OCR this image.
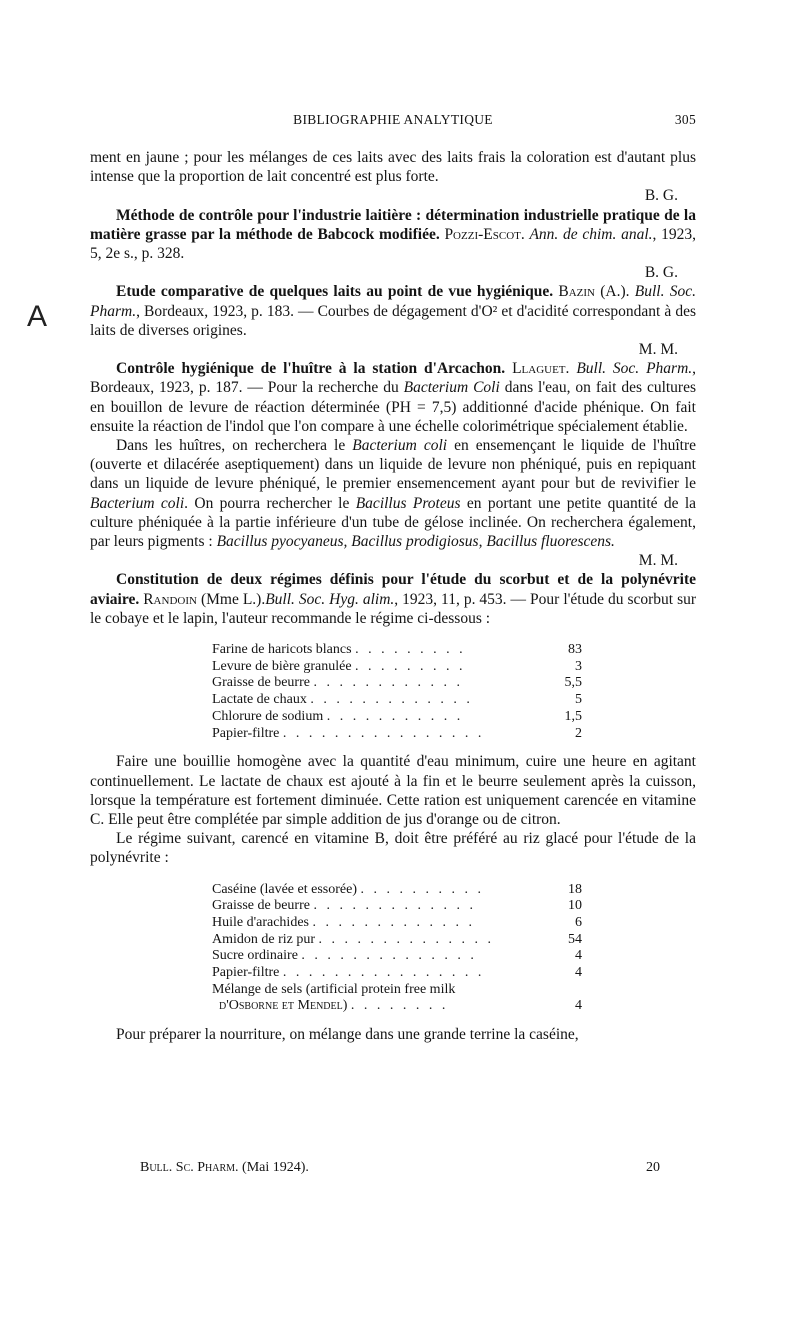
BIBLIOGRAPHIE ANALYTIQUE	305
A

ment en jaune ; pour les mélanges de ces laits avec des laits frais la coloration est d'autant plus intense que la proportion de lait concentré est plus forte.

B. G.

Méthode de contrôle pour l'industrie laitière : détermination industrielle pratique de la matière grasse par la méthode de Babcock modifiée. Pozzi-Escot. Ann. de chim. anal., 1923, 5, 2e s., p. 328.

B. G.

Etude comparative de quelques laits au point de vue hygiénique. Bazin (A.). Bull. Soc. Pharm., Bordeaux, 1923, p. 183. — Courbes de dégagement d'O² et d'acidité correspondant à des laits de diverses origines.

M. M.

Contrôle hygiénique de l'huître à la station d'Arcachon. Llaguet. Bull. Soc. Pharm., Bordeaux, 1923, p. 187. — Pour la recherche du Bacterium Coli dans l'eau, on fait des cultures en bouillon de levure de réaction déterminée (PH = 7,5) additionné d'acide phénique. On fait ensuite la réaction de l'indol que l'on compare à une échelle colorimétrique spécialement établie.

Dans les huîtres, on recherchera le Bacterium coli en ensemençant le liquide de l'huître (ouverte et dilacérée aseptiquement) dans un liquide de levure non phéniqué, puis en repiquant dans un liquide de levure phéniqué, le premier ensemencement ayant pour but de revivifier le Bacterium coli. On pourra rechercher le Bacillus Proteus en portant une petite quantité de la culture phéniquée à la partie inférieure d'un tube de gélose inclinée. On recherchera également, par leurs pigments : Bacillus pyocyaneus, Bacillus prodigiosus, Bacillus fluorescens.

M. M.

Constitution de deux régimes définis pour l'étude du scorbut et de la polynévrite aviaire. Randoin (Mme L.).Bull. Soc. Hyg. alim., 1923, 11, p. 453. — Pour l'étude du scorbut sur le cobaye et le lapin, l'auteur recommande le régime ci-dessous :

Farine de haricots blancs . . . . . . . . .	83
Levure de bière granulée . . . . . . . . .	3
Graisse de beurre . . . . . . . . . . . .	5,5
Lactate de chaux . . . . . . . . . . . . .	5
Chlorure de sodium . . . . . . . . . . .	1,5
Papier-filtre . . . . . . . . . . . . . . . .	2

Faire une bouillie homogène avec la quantité d'eau minimum, cuire une heure en agitant continuellement. Le lactate de chaux est ajouté à la fin et le beurre seulement après la cuisson, lorsque la température est fortement diminuée. Cette ration est uniquement carencée en vitamine C. Elle peut être complétée par simple addition de jus d'orange ou de citron.

Le régime suivant, carencé en vitamine B, doit être préféré au riz glacé pour l'étude de la polynévrite :

Caséine (lavée et essorée) . . . . . . . . . .	18
Graisse de beurre . . . . . . . . . . . . .	10
Huile d'arachides . . . . . . . . . . . . .	6
Amidon de riz pur . . . . . . . . . . . . . .	54
Sucre ordinaire . . . . . . . . . . . . . .	4
Papier-filtre . . . . . . . . . . . . . . . .	4
Mélange de sels (artificial protein free milk
d'Osborne et Mendel) . . . . . . . .	4

Pour préparer la nourriture, on mélange dans une grande terrine la caséine,

Bull. Sc. Pharm. (Mai 1924).	20
